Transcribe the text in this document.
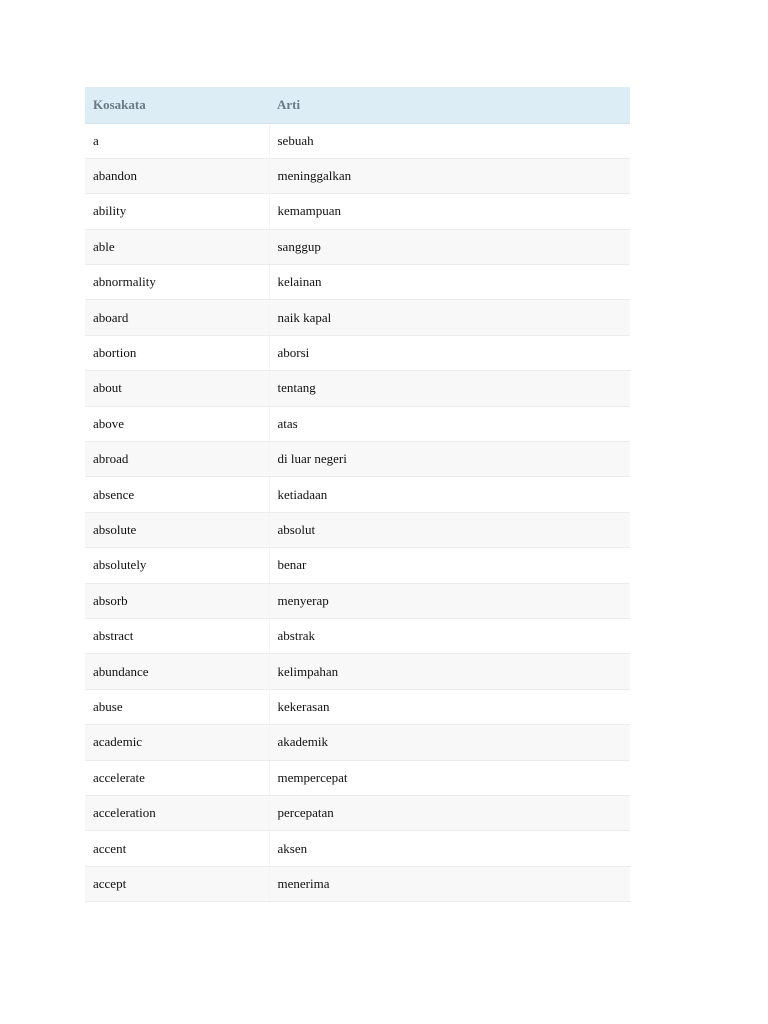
Kosakata	Arti
a	sebuah
abandon	meninggalkan
ability	kemampuan
able	sanggup
abnormality	kelainan
aboard	naik kapal
abortion	aborsi
about	tentang
above	atas
abroad	di luar negeri
absence	ketiadaan
absolute	absolut
absolutely	benar
absorb	menyerap
abstract	abstrak
abundance	kelimpahan
abuse	kekerasan
academic	akademik
accelerate	mempercepat
acceleration	percepatan
accent	aksen
accept	menerima
